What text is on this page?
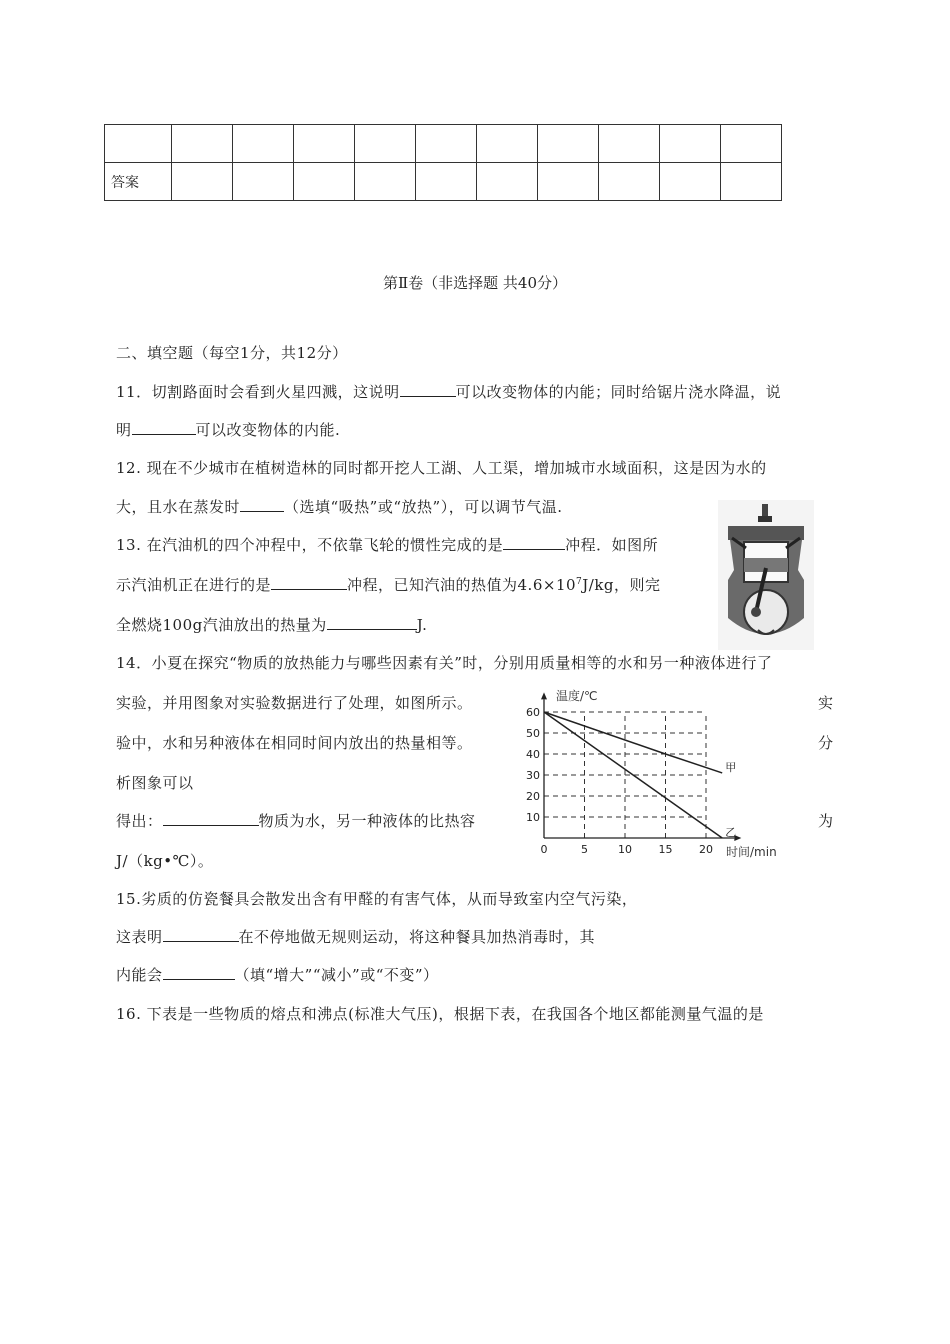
答案										
第Ⅱ卷（非选择题 共40分）
二、填空题（每空1分，共12分）
11．切割路面时会看到火星四溅，这说明	可以改变物体的内能；同时给锯片浇水降温，说
明	可以改变物体的内能.
12. 现在不少城市在植树造林的同时都开挖人工湖、人工渠，增加城市水域面积，这是因为水的
大，且水在蒸发时	（选填“吸热”或“放热”），可以调节气温.
13. 在汽油机的四个冲程中，不依靠飞轮的惯性完成的是	冲程．如图所
示汽油机正在进行的是	冲程，已知汽油的热值为$4.6\times 10^7J/kg$，则完
全燃烧100g汽油放出的热量为	J.
14．小夏在探究“物质的放热能力与哪些因素有关”时，分别用质量相等的水和另一种液体进行了
实验，并用图象对实验数据进行了处理，如图所示。	实
验中，水和另种液体在相同时间内放出的热量相等。	分
析图象可以
得出：	物质为水，另一种液体的比热容	为
J/（kg•℃）。
10
20
30
40
50
60
0	5	10 15 20
甲
乙
温度/℃
时间/min
15.劣质的仿瓷餐具会散发出含有甲醛的有害气体，从而导致室内空气污染，
这表明	在不停地做无规则运动，将这种餐具加热消毒时，其
内能会	（填“增大”“减小”或“不变”）
16. 下表是一些物质的熔点和沸点(标准大气压)，根据下表，在我国各个地区都能测量气温的是
